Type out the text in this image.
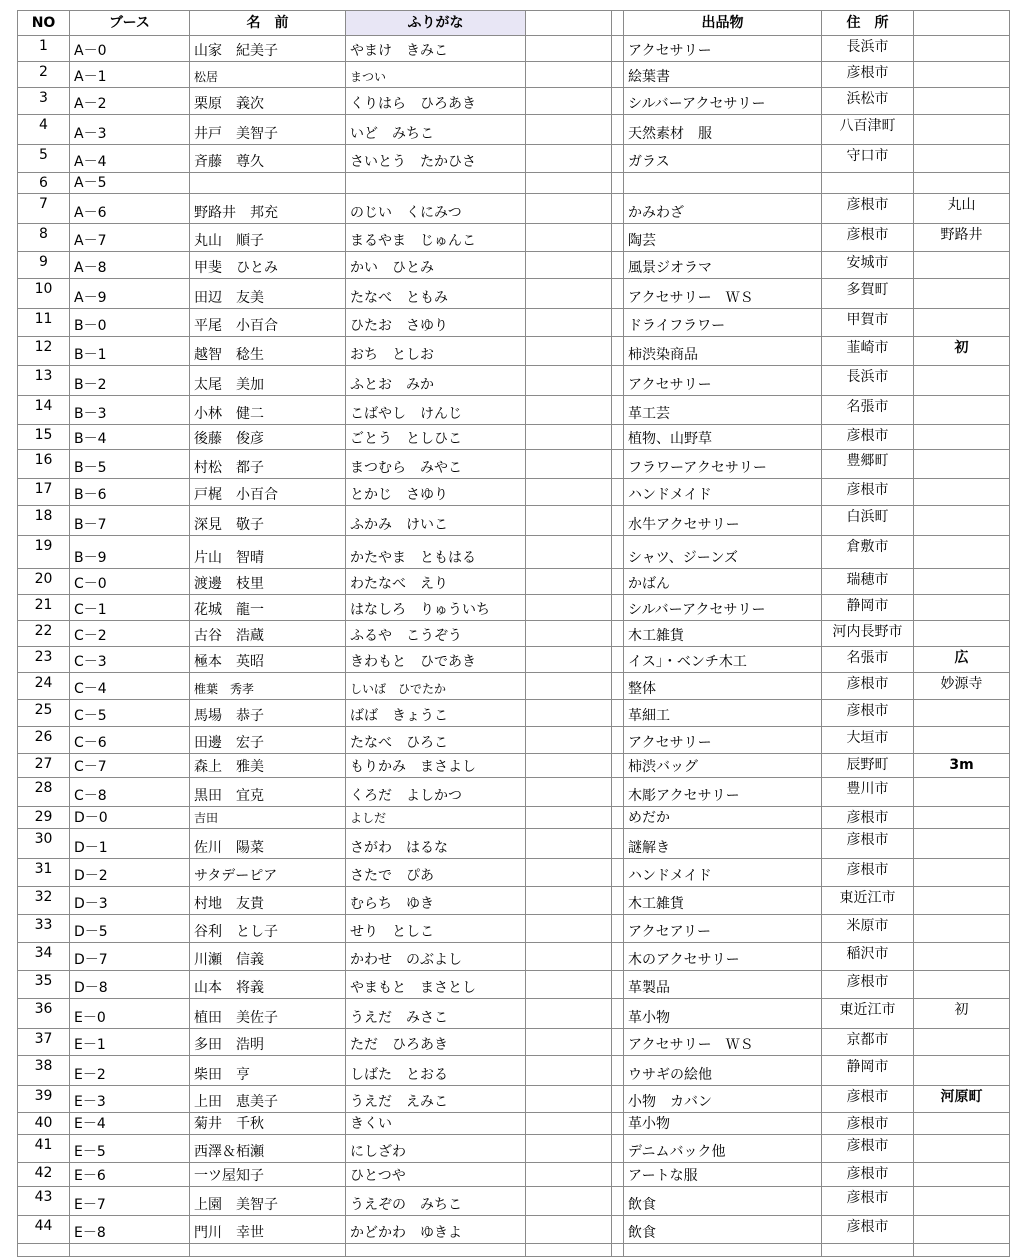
NO	ブース	名　前	ふりがな			出品物	住　所	
1	A－0	山家　紀美子	やまけ　きみこ			アクセサリー	長浜市	
2	A－1	松居	まつい			絵葉書	彦根市	
3	A－2	栗原　義次	くりはら　ひろあき			シルバーアクセサリー	浜松市	
4	A－3	井戸　美智子	いど　みちこ			天然素材　服	八百津町	
5	A－4	斉藤　尊久	さいとう　たかひさ			ガラス	守口市	
6	A－5							
7	A－6	野路井　邦充	のじい　くにみつ			かみわざ	彦根市	丸山
8	A－7	丸山　順子	まるやま　じゅんこ			陶芸	彦根市	野路井
9	A－8	甲斐　ひとみ	かい　ひとみ			風景ジオラマ	安城市	
10	A－9	田辺　友美	たなべ　ともみ			アクセサリー　ＷＳ	多賀町	
11	B－0	平尾　小百合	ひたお　さゆり			ドライフラワー	甲賀市	
12	B－1	越智　稔生	おち　としお			柿渋染商品	韮崎市	初
13	B－2	太尾　美加	ふとお　みか			アクセサリー	長浜市	
14	B－3	小林　健二	こばやし　けんじ			革工芸	名張市	
15	B－4	後藤　俊彦	ごとう　としひこ			植物、山野草	彦根市	
16	B－5	村松　都子	まつむら　みやこ			フラワーアクセサリー	豊郷町	
17	B－6	戸梶　小百合	とかじ　さゆり			ハンドメイド	彦根市	
18	B－7	深見　敬子	ふかみ　けいこ			水牛アクセサリー	白浜町	
19	B－9	片山　智晴	かたやま　ともはる			シャツ、ジーンズ	倉敷市	
20	C－0	渡邊　枝里	わたなべ　えり			かばん	瑞穂市	
21	C－1	花城　龍一	はなしろ　りゅういち			シルバーアクセサリー	静岡市	
22	C－2	古谷　浩蔵	ふるや　こうぞう			木工雑貨	河内長野市	
23	C－3	極本　英昭	きわもと　ひであき			イス」・ベンチ木工	名張市	広
24	C－4	椎葉　秀孝	しいば　ひでたか			整体	彦根市	妙源寺
25	C－5	馬場　恭子	ばば　きょうこ			革細工	彦根市	
26	C－6	田邊　宏子	たなべ　ひろこ			アクセサリー	大垣市	
27	C－7	森上　雅美	もりかみ　まさよし			柿渋バッグ	辰野町	3m
28	C－8	黒田　宜克	くろだ　よしかつ			木彫アクセサリー	豊川市	
29	D－0	吉田	よしだ			めだか	彦根市	
30	D－1	佐川　陽菜	さがわ　はるな			謎解き	彦根市	
31	D－2	サタデーピア	さたで　ぴあ			ハンドメイド	彦根市	
32	D－3	村地　友貴	むらち　ゆき			木工雑貨	東近江市	
33	D－5	谷利　とし子	せり　としこ			アクセアリー	米原市	
34	D－7	川瀬　信義	かわせ　のぶよし			木のアクセサリー	稲沢市	
35	D－8	山本　将義	やまもと　まさとし			革製品	彦根市	
36	E－0	植田　美佐子	うえだ　みさこ			革小物	東近江市	初
37	E－1	多田　浩明	ただ　ひろあき			アクセサリー　ＷＳ	京都市	
38	E－2	柴田　亨	しばた　とおる			ウサギの絵他	静岡市	
39	E－3	上田　恵美子	うえだ　えみこ			小物　カバン	彦根市	河原町
40	E－4	菊井　千秋	きくい			革小物	彦根市	
41	E－5	西澤＆栢瀬	にしざわ			デニムバック他	彦根市	
42	E－6	一ツ屋知子	ひとつや			アートな服	彦根市	
43	E－7	上園　美智子	うえぞの　みちこ			飲食	彦根市	
44	E－8	門川　幸世	かどかわ　ゆきよ			飲食	彦根市	
